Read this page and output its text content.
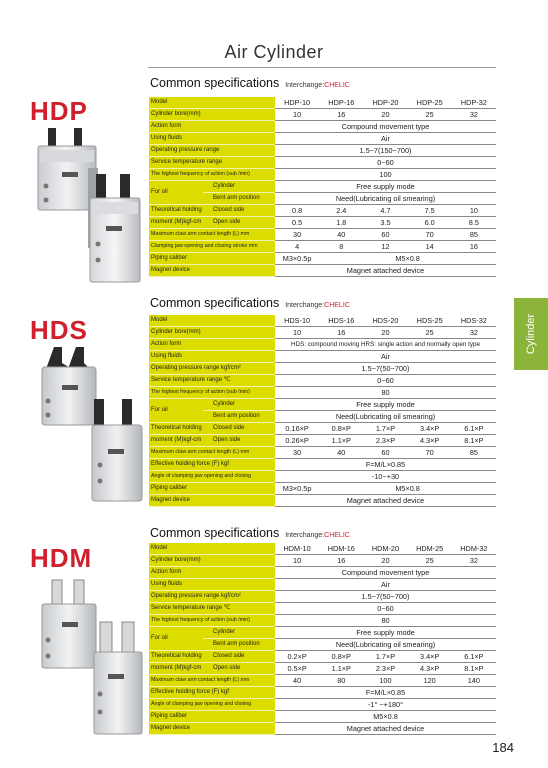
Air Cylinder
Cylinder
HDP
Common specifications Interchange:CHELIC
Model		HDP-10	HDP-16	HDP-20	HDP-25	HDP-32
Cylinder bore(mm)		10	16	20	25	32
Action form		Compound movement type				
Using fluids		Air				
Operating pressure range		1.5~7(150~700)				
Service temperature range		0~60				
The highest frequency of action (sub /min)		100				
For oil	Cylinder	Free supply mode				
	Bent arm position	Need(Lubricating oil smearing)				
Theoretical holding	Closed side	0.8	2.4	4.7	7.5	10
moment (M)kgf-cm	Open side	0.5	1.8	3.5	6.0	8.5
Maximum claw arm contact length (L) mm		30	40	60	70	85
Clamping jaw opening and closing stroke mm		4	8	12	14	16
Piping caliber		M3×0.5p	M5×0.8			
Magnet device		Magnet attached device				
HDS
Common specifications Interchange:CHELIC
Model		HDS-10	HDS-16	HDS-20	HDS-25	HDS-32
Cylinder bore(mm)		10	16	20	25	32
Action form		HDS: compound moving HRS: single action and normally open type				
Using fluids		Air				
Operating pressure range kgf/cm²		1.5~7(50~700)				
Service temperature range ℃		0~60				
The highest frequency of action (sub /min)		80				
For oil	Cylinder	Free supply mode				
	Bent arm position	Need(Lubricating oil smearing)				
Theoretical holding	Closed side	0.16×P	0.8×P	1.7×P	3.4×P	6.1×P
moment (M)kgf-cm	Open side	0.26×P	1.1×P	2.3×P	4.3×P	8.1×P
Maximum claw arm contact length (L) mm		30	40	60	70	85
Effective holding force (F) kgf		F=M/L×0.85				
Angle of clamping jaw opening and closing		-10~+30				
Piping caliber		M3×0.5p	M5×0.8			
Magnet device		Magnet attached device				
HDM
Common specifications Interchange:CHELIC
Model		HDM-10	HDM-16	HDM-20	HDM-25	HDM-32
Cylinder bore(mm)		10	16	20	25	32
Action form		Compound movement type				
Using fluids		Air				
Operating pressure range kgf/cm²		1.5~7(50~700)				
Service temperature range ℃		0~60				
The highest frequency of action (sub /min)		80				
For oil	Cylinder	Free supply mode				
	Bent arm position	Need(Lubricating oil smearing)				
Theoretical holding	Closed side	0.2×P	0.8×P	1.7×P	3.4×P	6.1×P
moment (M)kgf-cm	Open side	0.5×P	1.1×P	2.3×P	4.3×P	8.1×P
Maximum claw arm contact length (L) mm		40	80	100	120	140
Effective holding force (F) kgf		F=M/L×0.85				
Angle of clamping jaw opening and closing		-1° ~+180°				
Piping caliber		M5×0.8				
Magnet device		Magnet attached device				
184
